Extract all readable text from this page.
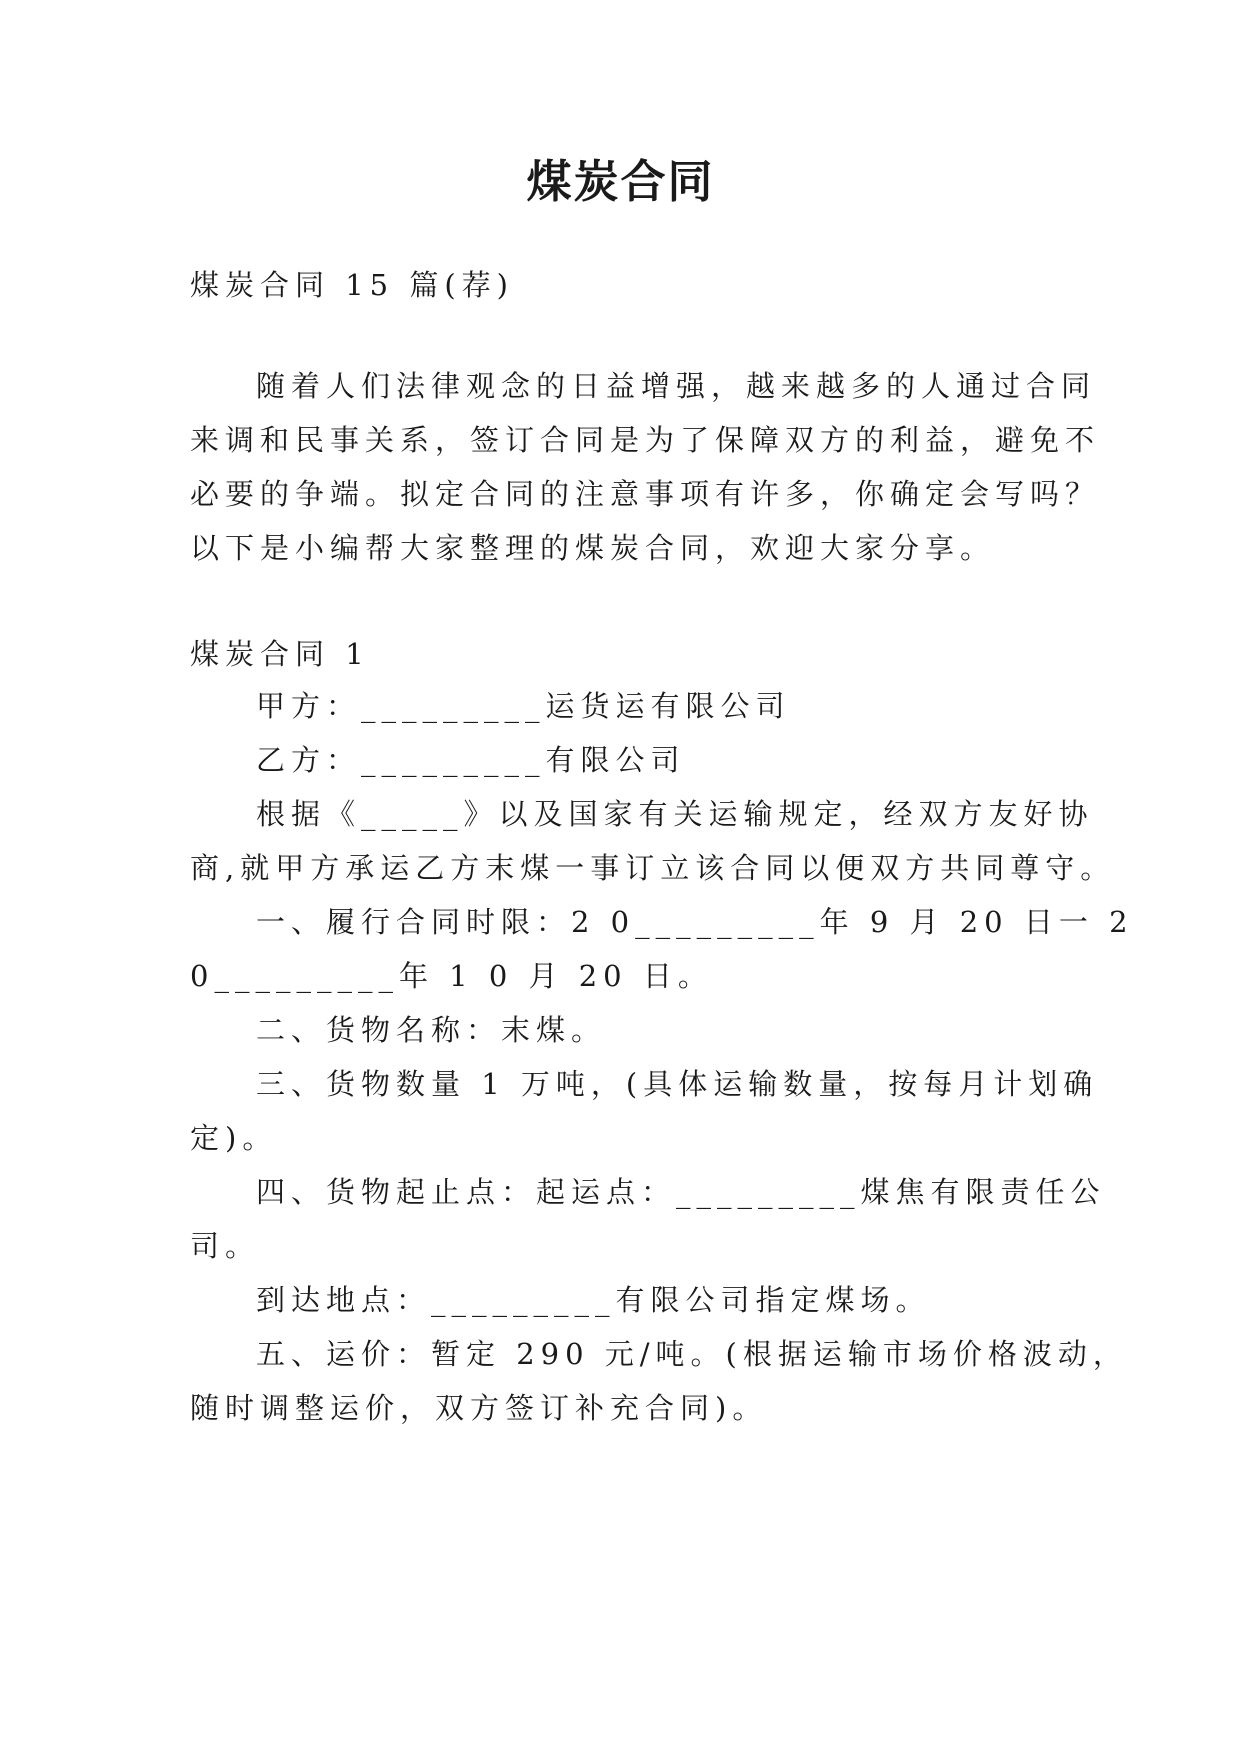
煤炭合同
煤炭合同 15 篇(荐)
随着人们法律观念的日益增强，越来越多的人通过合同
来调和民事关系，签订合同是为了保障双方的利益，避免不
必要的争端。拟定合同的注意事项有许多，你确定会写吗？
以下是小编帮大家整理的煤炭合同，欢迎大家分享。
煤炭合同 1
甲方：_________运货运有限公司
乙方：_________有限公司
根据《_____》以及国家有关运输规定，经双方友好协
商,就甲方承运乙方末煤一事订立该合同以便双方共同尊守。
一、履行合同时限：2 0_________年 9 月 20 日一 2
0_________年 1 0 月 20 日。
二、货物名称：末煤。
三、货物数量 1 万吨，(具体运输数量，按每月计划确
定)。
四、货物起止点：起运点：_________煤焦有限责任公
司。
到达地点：_________有限公司指定煤场。
五、运价：暂定 290 元/吨。(根据运输市场价格波动，
随时调整运价，双方签订补充合同)。
